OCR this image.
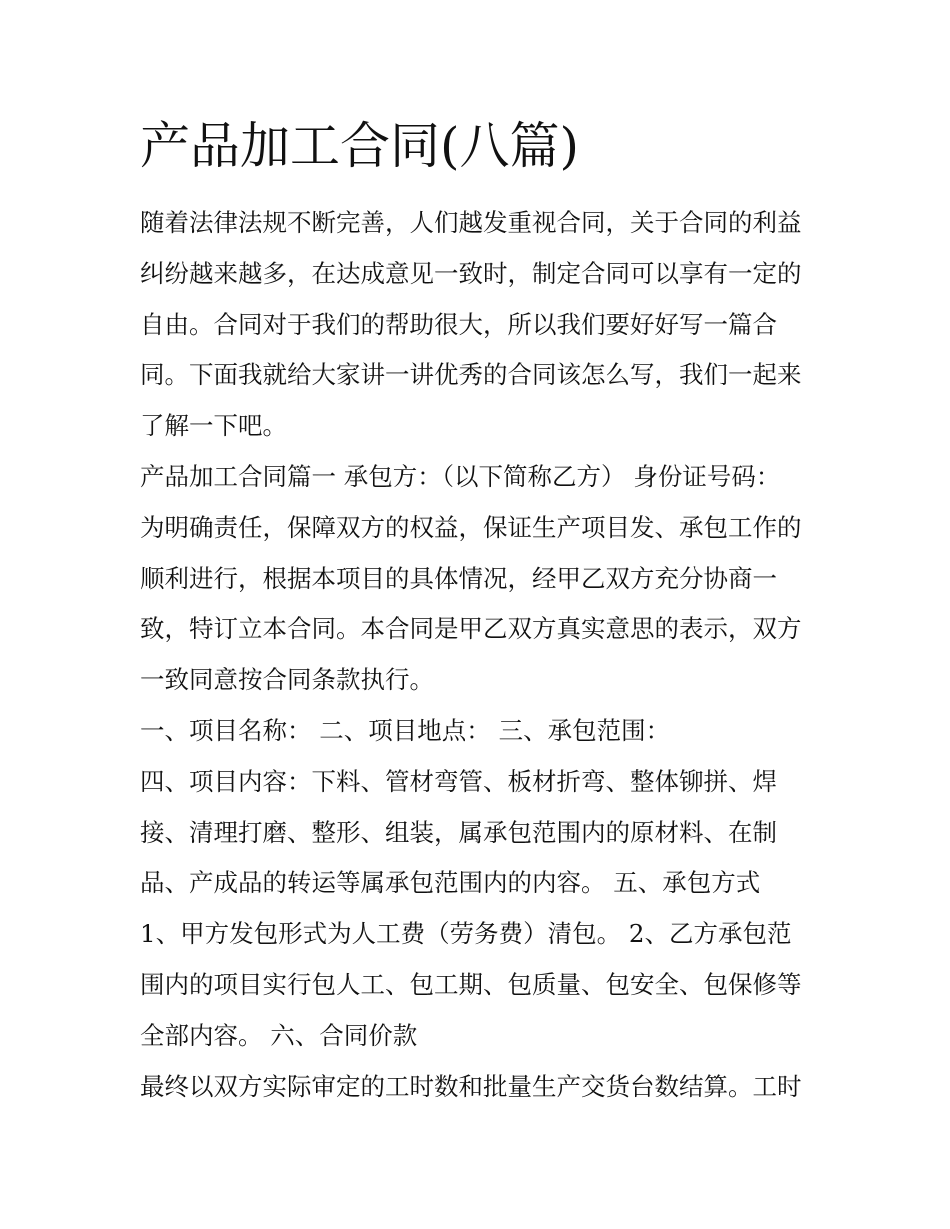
产品加工合同(八篇)
随着法律法规不断完善，人们越发重视合同，关于合同的利益
纠纷越来越多，在达成意见一致时，制定合同可以享有一定的
自由。合同对于我们的帮助很大，所以我们要好好写一篇合
同。下面我就给大家讲一讲优秀的合同该怎么写，我们一起来
了解一下吧。
产品加工合同篇一 承包方：（以下简称乙方） 身份证号码：
为明确责任，保障双方的权益，保证生产项目发、承包工作的
顺利进行，根据本项目的具体情况，经甲乙双方充分协商一
致，特订立本合同。本合同是甲乙双方真实意思的表示，双方
一致同意按合同条款执行。
一、项目名称： 二、项目地点： 三、承包范围：
四、项目内容：下料、管材弯管、板材折弯、整体铆拼、焊
接、清理打磨、整形、组装，属承包范围内的原材料、在制
品、产成品的转运等属承包范围内的内容。 五、承包方式
1、甲方发包形式为人工费（劳务费）清包。 2、乙方承包范
围内的项目实行包人工、包工期、包质量、包安全、包保修等
全部内容。 六、合同价款
最终以双方实际审定的工时数和批量生产交货台数结算。工时
